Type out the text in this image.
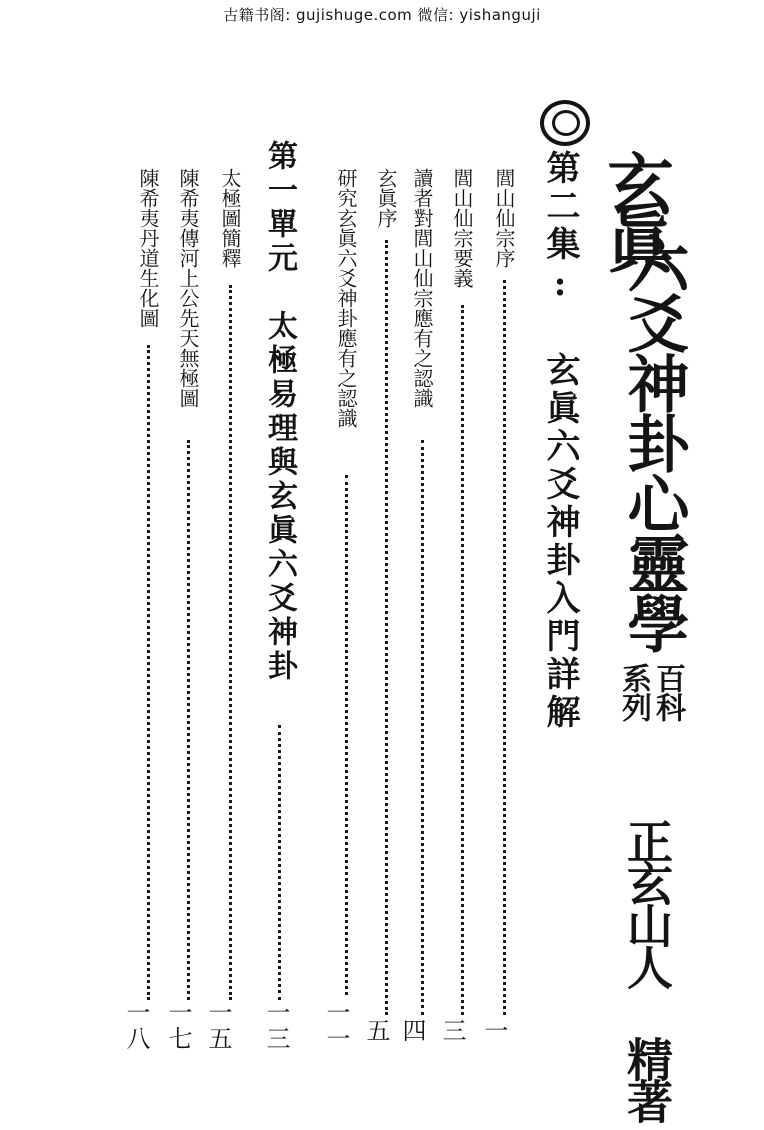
古籍书阁: gujishuge.com 微信: yishanguji
玄眞
六爻神卦心靈學
百科
系列
正玄山人 精著
第二集: 玄眞六爻神卦入門詳解
閭山仙宗序
一
閭山仙宗要義
三
讀者對閭山仙宗應有之認識
四
玄眞序
五
研究玄眞六爻神卦應有之認識
一一
第一單元　太極易理與玄眞六爻神卦
一三
太極圖簡釋
一五
陳希夷傳河上公先天無極圖
一七
陳希夷丹道生化圖
一八
